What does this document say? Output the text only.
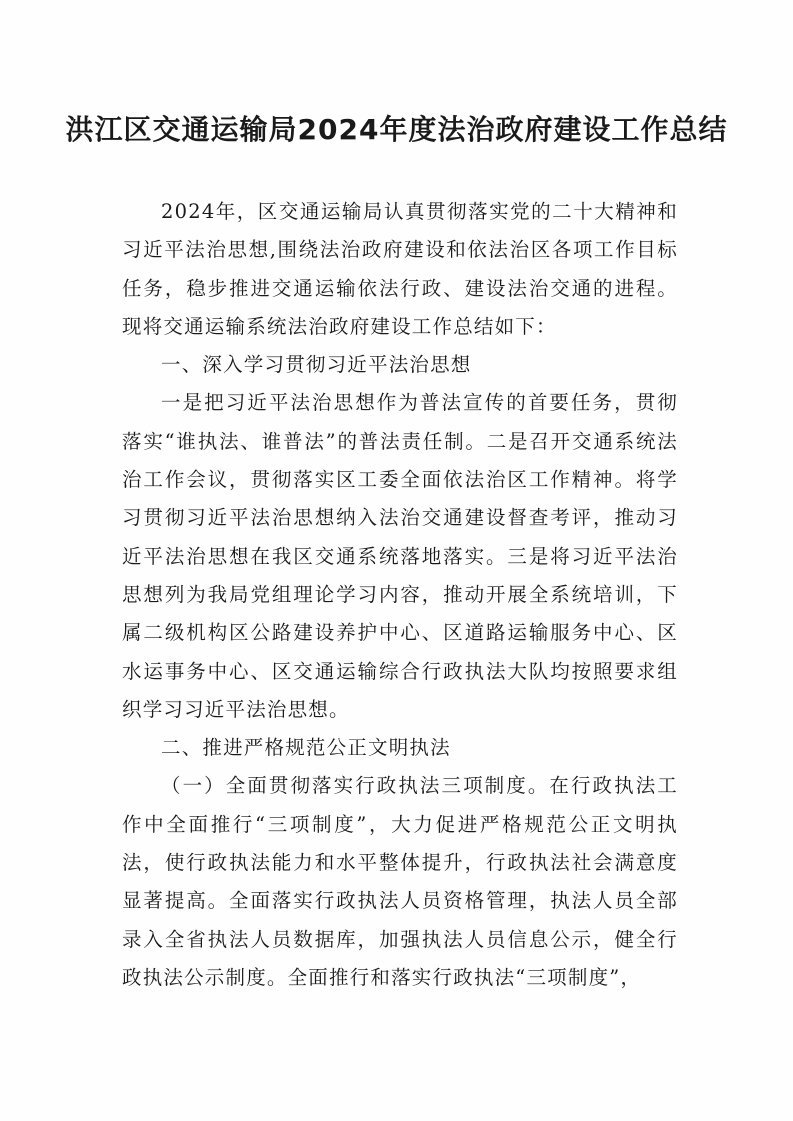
洪江区交通运输局2024年度法治政府建设工作总结

2024年，区交通运输局认真贯彻落实党的二十大精神和习近平法治思想,围绕法治政府建设和依法治区各项工作目标任务，稳步推进交通运输依法行政、建设法治交通的进程。现将交通运输系统法治政府建设工作总结如下：

一、深入学习贯彻习近平法治思想

一是把习近平法治思想作为普法宣传的首要任务，贯彻落实“谁执法、谁普法”的普法责任制。二是召开交通系统法治工作会议，贯彻落实区工委全面依法治区工作精神。将学习贯彻习近平法治思想纳入法治交通建设督查考评，推动习近平法治思想在我区交通系统落地落实。三是将习近平法治思想列为我局党组理论学习内容，推动开展全系统培训，下属二级机构区公路建设养护中心、区道路运输服务中心、区水运事务中心、区交通运输综合行政执法大队均按照要求组织学习习近平法治思想。

二、推进严格规范公正文明执法

（一）全面贯彻落实行政执法三项制度。在行政执法工作中全面推行“三项制度”，大力促进严格规范公正文明执法，使行政执法能力和水平整体提升，行政执法社会满意度显著提高。全面落实行政执法人员资格管理，执法人员全部录入全省执法人员数据库，加强执法人员信息公示，健全行政执法公示制度。全面推行和落实行政执法“三项制度”，
